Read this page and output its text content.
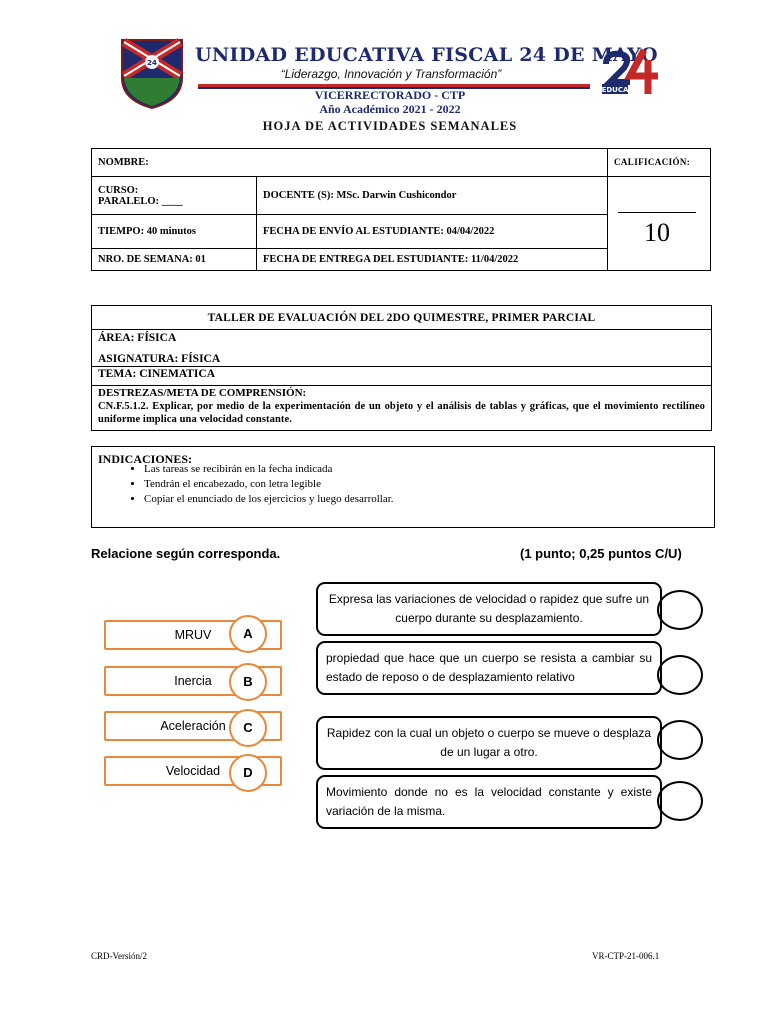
24 UNIDAD EDUCATIVA FISCAL 24 DE MAYO
“Liderazgo, Innovación y Transformación”
VICERRECTORADO - CTP
Año Académico 2021 - 2022
HOJA DE ACTIVIDADES SEMANALES
EDUCA
NOMBRE:		CALIFICACIÓN:

CURSO:
PARALELO: ____	DOCENTE (S): MSc. Darwin Cushicondor	
TIEMPO: 40 minutos	FECHA DE ENVÍO AL ESTUDIANTE: 04/04/2022	
NRO. DE SEMANA: 01	FECHA DE ENTREGA DEL ESTUDIANTE: 11/04/2022	
10
TALLER DE EVALUACIÓN DEL 2DO QUIMESTRE, PRIMER PARCIAL
ÁREA: FÍSICA
ASIGNATURA: FÍSICA
TEMA: CINEMATICA
DESTREZAS/META DE COMPRENSIÓN:
CN.F.5.1.2. Explicar, por medio de la experimentación de un objeto y el análisis de tablas y gráficas, que el movimiento rectilíneo uniforme implica una velocidad constante.
INDICACIONES:
• Las tareas se recibirán en la fecha indicada
• Tendrán el encabezado, con letra legible
• Copiar el enunciado de los ejercicios y luego desarrollar.
Relacione según corresponda.	(1 punto; 0,25 puntos C/U)
MRUV	A
Inercia	B
Aceleración	C
Velocidad	D
Expresa las variaciones de velocidad o rapidez que sufre un cuerpo durante su desplazamiento.
propiedad que hace que un cuerpo se resista a cambiar su estado de reposo o de desplazamiento relativo
Rapidez con la cual un objeto o cuerpo se mueve o desplaza de un lugar a otro.
Movimiento donde no es la velocidad constante y existe variación de la misma.
CRD-Versión/2	VR-CTP-21-006.1
